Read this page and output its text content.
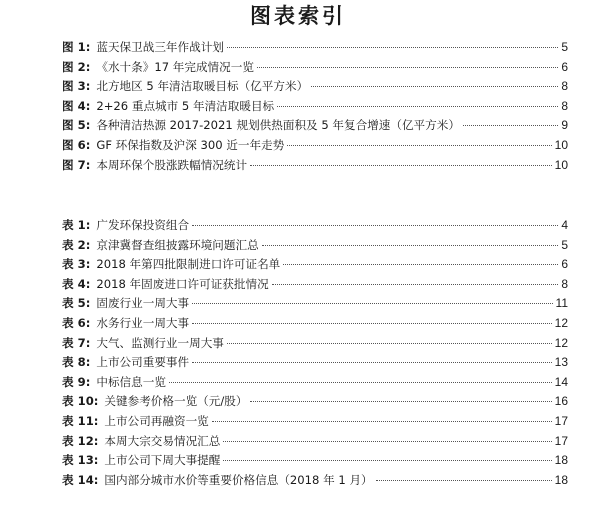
图表索引
图 1: 蓝天保卫战三年作战计划	5
图 2: 《水十条》17 年完成情况一览	6
图 3: 北方地区 5 年清洁取暖目标（亿平方米）	8
图 4: 2+26 重点城市 5 年清洁取暖目标	8
图 5: 各种清洁热源 2017-2021 规划供热面积及 5 年复合增速（亿平方米）	9
图 6: GF 环保指数及沪深 300 近一年走势	10
图 7: 本周环保个股涨跌幅情况统计	10
表 1: 广发环保投资组合	4
表 2: 京津冀督查组披露环境问题汇总	5
表 3: 2018 年第四批限制进口许可证名单	6
表 4: 2018 年固废进口许可证获批情况	8
表 5: 固废行业一周大事	11
表 6: 水务行业一周大事	12
表 7: 大气、监测行业一周大事	12
表 8: 上市公司重要事件	13
表 9: 中标信息一览	14
表 10: 关键参考价格一览（元/股）	16
表 11: 上市公司再融资一览	17
表 12: 本周大宗交易情况汇总	17
表 13: 上市公司下周大事提醒	18
表 14: 国内部分城市水价等重要价格信息（2018 年 1 月）	18
